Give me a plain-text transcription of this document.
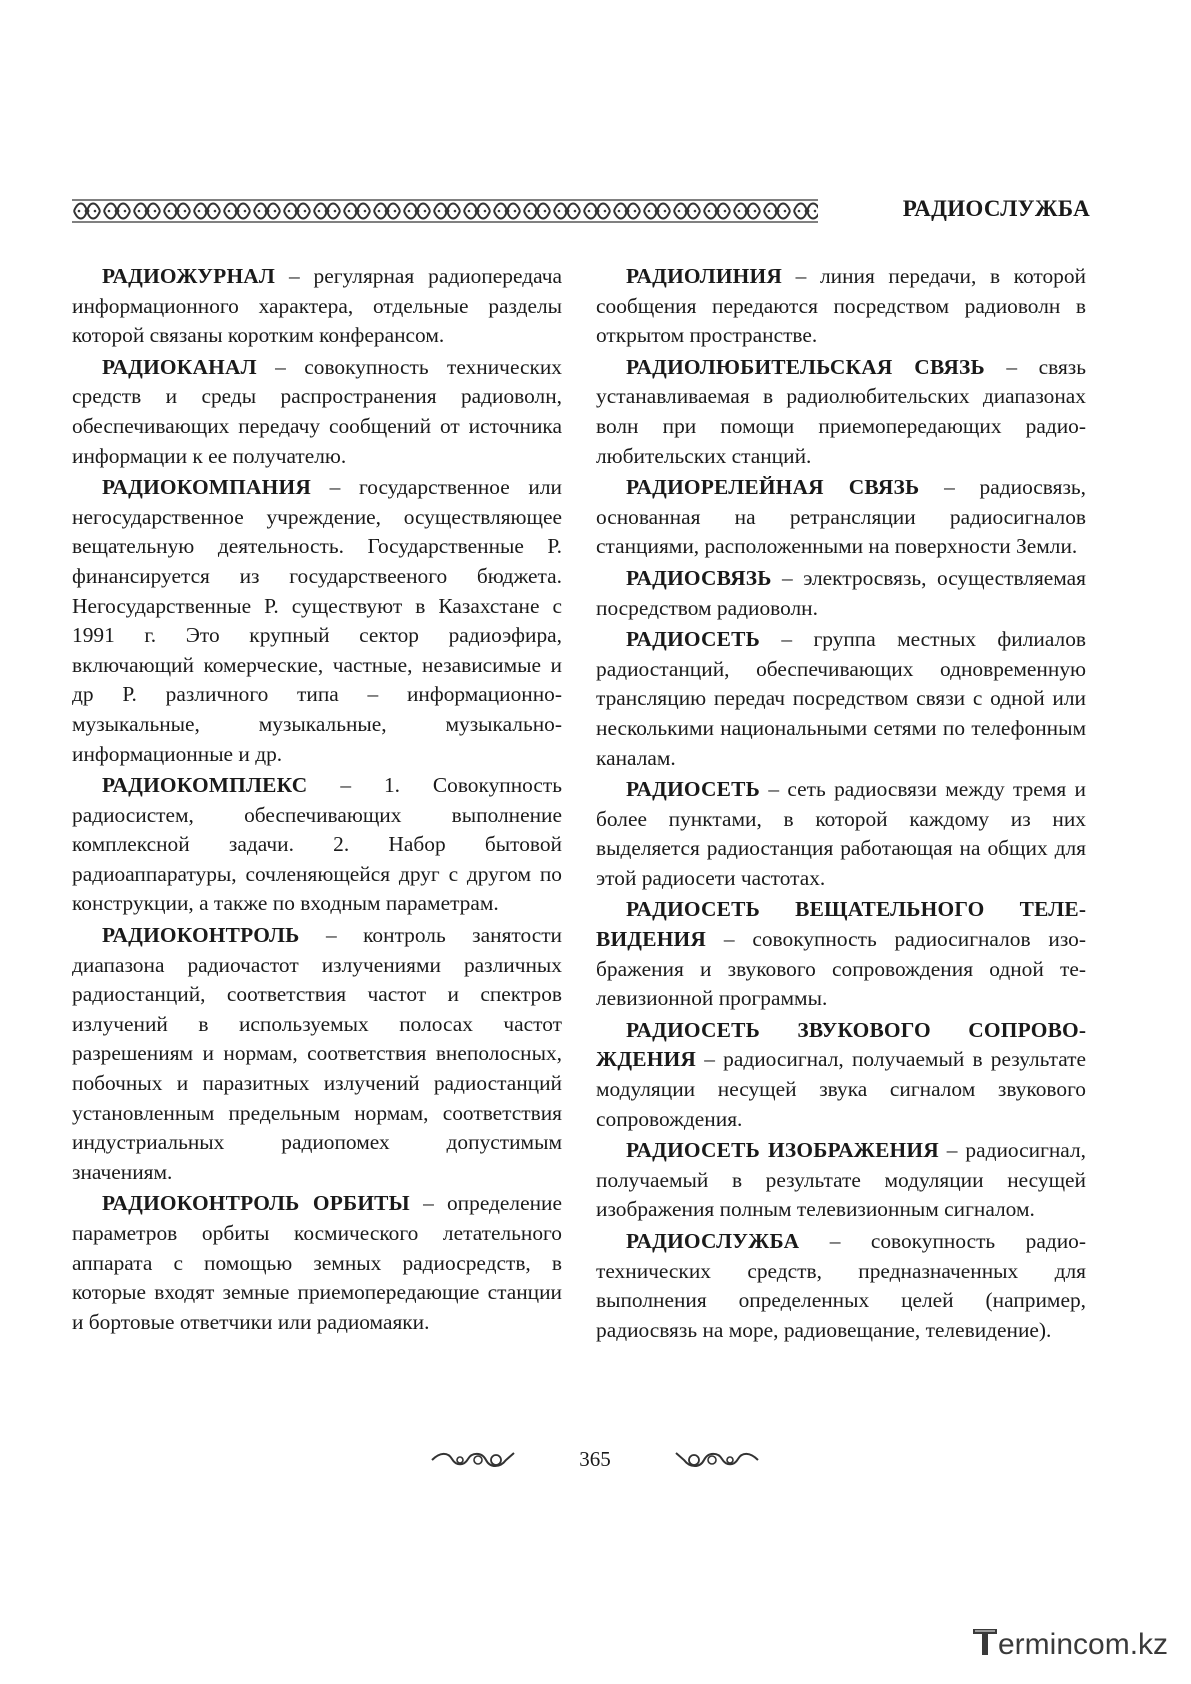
РАДИОСЛУЖБА

РАДИОЖУРНАЛ – регулярная радиопередача информационного характера, отдельные разделы которой связаны коротким конферансом.

РАДИОКАНАЛ – совокупность технических средств и среды распространения радиоволн, обеспечивающих передачу сообщений от источника информации к ее получателю.

РАДИОКОМПАНИЯ – государственное или негосударственное учреждение, осуществляющее вещательную деятельность. Государственные Р. финансируется из государствееного бюджета. Негосударственные Р. существуют в Казахстане с 1991 г. Это крупный сектор радиоэфира, включающий комерческие, частные, независимые и др Р. различного типа – информационно-музыкальные, музыкальные, музыкально-информационные и др.

РАДИОКОМПЛЕКС – 1. Совокупность радиосистем, обеспечивающих выполнение комплексной задачи. 2. Набор бытовой радиоаппаратуры, сочленяющейся друг с другом по конструкции, а также по входным параметрам.

РАДИОКОНТРОЛЬ – контроль занятости диапазона радиочастот излучениями различных радиостанций, соответствия частот и спектров излучений в используемых полосах частот разрешениям и нормам, соответствия внеполосных, побочных и паразитных излучений радиостанций установленным предельным нормам, соответствия индустриальных радиопомех допустимым значениям.

РАДИОКОНТРОЛЬ ОРБИТЫ – определение параметров орбиты космического летательного аппарата с помощью земных радиосредств, в которые входят земные приемопередающие станции и бортовые ответчики или радиомаяки.

РАДИОЛИНИЯ – линия передачи, в которой сообщения передаются посредством радиоволн в открытом пространстве.

РАДИОЛЮБИТЕЛЬСКАЯ СВЯЗЬ – связь устанавливаемая в радиолюбительских диапазонах волн при помощи приемопередающих радиолюбительских станций.

РАДИОРЕЛЕЙНАЯ СВЯЗЬ – радиосвязь, основанная на ретрансляции радиосигналов станциями, расположенными на поверхности Земли.

РАДИОСВЯЗЬ – электросвязь, осуществляемая посредством радиоволн.

РАДИОСЕТЬ – группа местных филиалов радиостанций, обеспечивающих одновременную трансляцию передач посредством связи с одной или несколькими национальными сетями по телефонным каналам.

РАДИОСЕТЬ – сеть радиосвязи между тремя и более пунктами, в которой каждому из них выделяется радиостанция работающая на общих для этой радиосети частотах.

РАДИОСЕТЬ ВЕЩАТЕЛЬНОГО ТЕЛЕВИДЕНИЯ – совокупность радиосигналов изображения и звукового сопровождения одной телевизионной программы.

РАДИОСЕТЬ ЗВУКОВОГО СОПРОВОЖДЕНИЯ – радиосигнал, получаемый в результате модуляции несущей звука сигналом звукового сопровождения.

РАДИОСЕТЬ ИЗОБРАЖЕНИЯ – радиосигнал, получаемый в результате модуляции несущей изображения полным телевизионным сигналом.

РАДИОСЛУЖБА – совокупность радиотехнических средств, предназначенных для выполнения определенных целей (например, радиосвязь на море, радиовещание, телевидение).

365
ermincom.kz
